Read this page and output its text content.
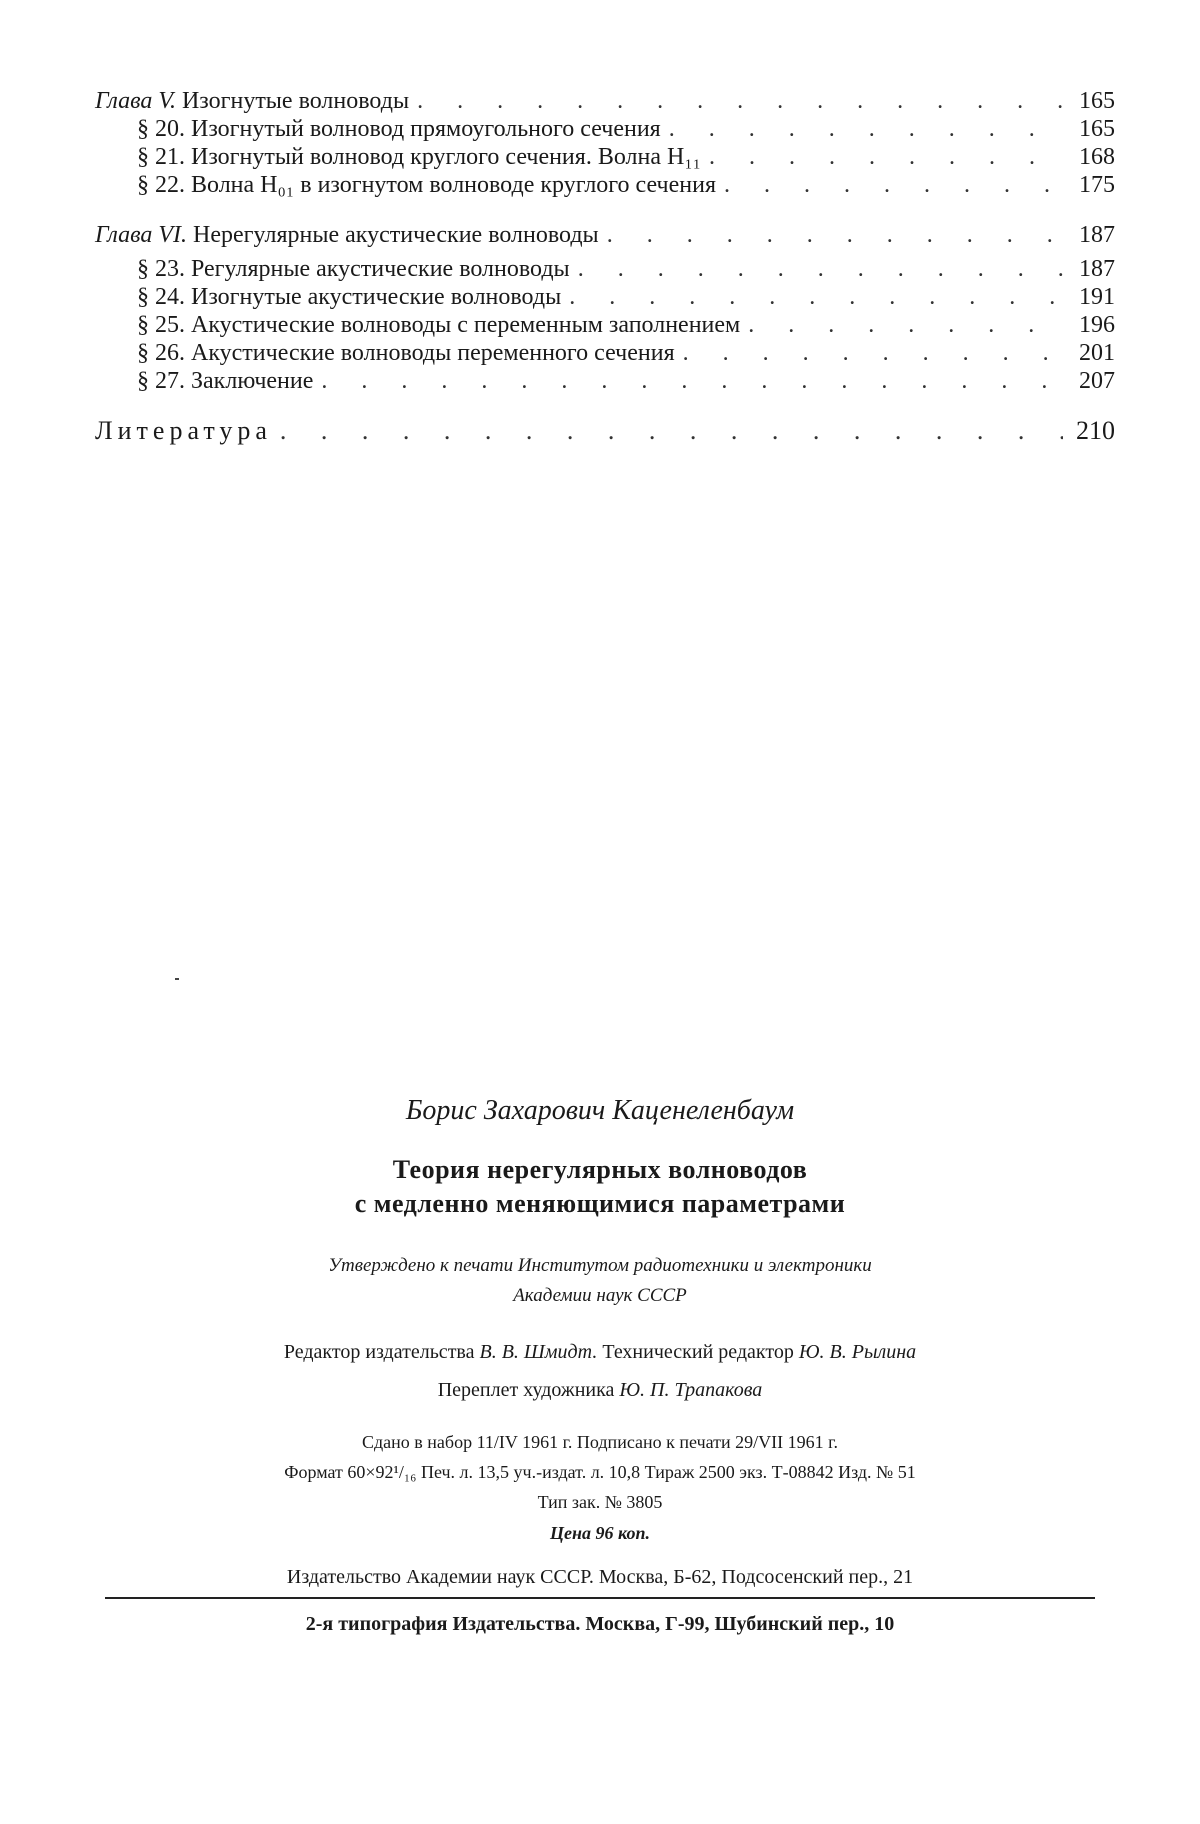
Глава V. Изогнутые волноводы . . .	165
§ 20. Изогнутый волновод прямоугольного сечения . . .	165
§ 21. Изогнутый волновод круглого сечения. Волна H₁₁ . . .	168
§ 22. Волна H₀₁ в изогнутом волноводе круглого сечения . . .	175
Глава VI. Нерегулярные акустические волноводы . . .	187
§ 23. Регулярные акустические волноводы . . .	187
§ 24. Изогнутые акустические волноводы . . .	191
§ 25. Акустические волноводы с переменным заполнением . . .	196
§ 26. Акустические волноводы переменного сечения . . .	201
§ 27. Заключение . . .	207
Литература . . .	210
Борис Захарович Каценеленбаум
Теория нерегулярных волноводов
с медленно меняющимися параметрами
Утверждено к печати Институтом радиотехники и электроники
Академии наук СССР
Редактор издательства В. В. Шмидт. Технический редактор Ю. В. Рылина
Переплет художника Ю. П. Трапакова
Сдано в набор 11/IV 1961 г. Подписано к печати 29/VII 1961 г.
Формат 60×92¹/₁₆ Печ. л. 13,5 уч.-издат. л. 10,8 Тираж 2500 экз. Т-08842 Изд. № 51
Тип зак. № 3805
Цена 96 коп.
Издательство Академии наук СССР. Москва, Б-62, Подсосенский пер., 21
2-я типография Издательства. Москва, Г-99, Шубинский пер., 10
